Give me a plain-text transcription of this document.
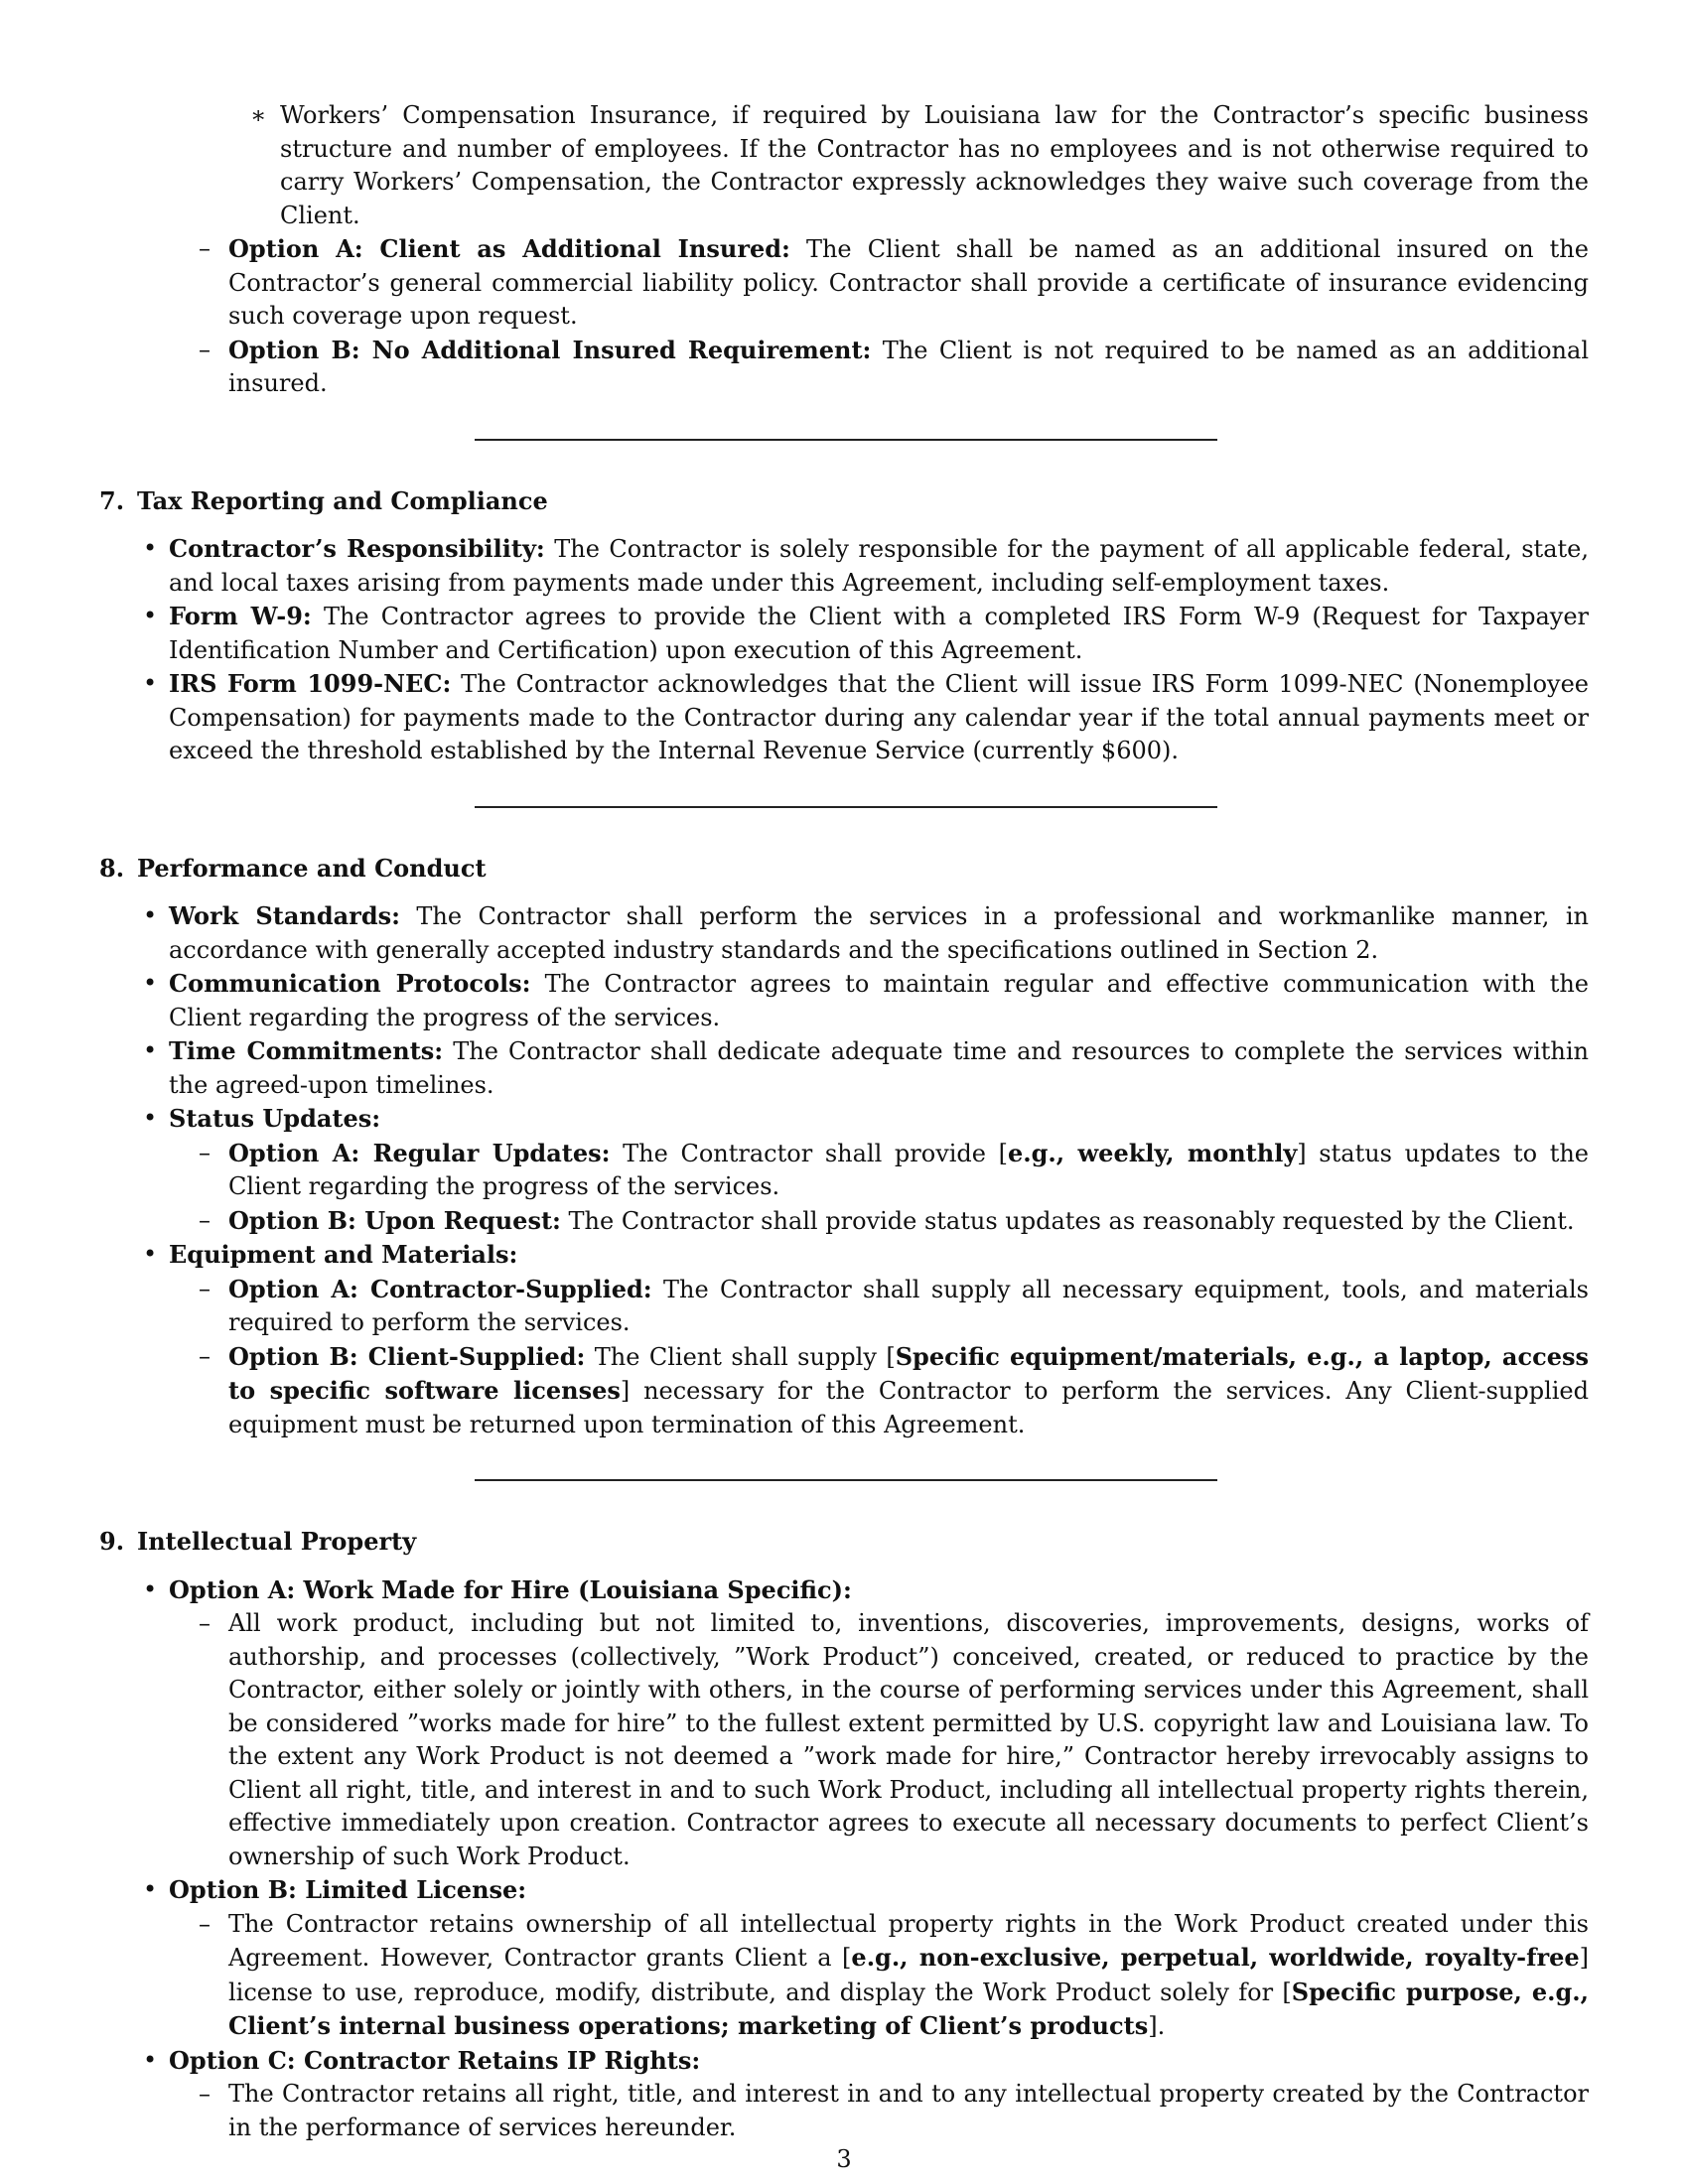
∗ Workers’ Compensation Insurance, if required by Louisiana law for the Contractor’s specific business structure and number of employees. If the Contractor has no employees and is not otherwise required to carry Workers’ Compensation, the Contractor expressly acknowledges they waive such coverage from the Client.
– Option A: Client as Additional Insured: The Client shall be named as an additional insured on the Contractor’s general commercial liability policy. Contractor shall provide a certificate of insurance evidencing such coverage upon request.
– Option B: No Additional Insured Requirement: The Client is not required to be named as an additional insured.

7. Tax Reporting and Compliance

• Contractor’s Responsibility: The Contractor is solely responsible for the payment of all applicable federal, state, and local taxes arising from payments made under this Agreement, including self-employment taxes.
• Form W-9: The Contractor agrees to provide the Client with a completed IRS Form W-9 (Request for Taxpayer Identification Number and Certification) upon execution of this Agreement.
• IRS Form 1099-NEC: The Contractor acknowledges that the Client will issue IRS Form 1099-NEC (Nonemployee Compensation) for payments made to the Contractor during any calendar year if the total annual payments meet or exceed the threshold established by the Internal Revenue Service (currently $600).

8. Performance and Conduct

• Work Standards: The Contractor shall perform the services in a professional and workmanlike manner, in accordance with generally accepted industry standards and the specifications outlined in Section 2.
• Communication Protocols: The Contractor agrees to maintain regular and effective communication with the Client regarding the progress of the services.
• Time Commitments: The Contractor shall dedicate adequate time and resources to complete the services within the agreed-upon timelines.
• Status Updates:
– Option A: Regular Updates: The Contractor shall provide [e.g., weekly, monthly] status updates to the Client regarding the progress of the services.
– Option B: Upon Request: The Contractor shall provide status updates as reasonably requested by the Client.
• Equipment and Materials:
– Option A: Contractor-Supplied: The Contractor shall supply all necessary equipment, tools, and materials required to perform the services.
– Option B: Client-Supplied: The Client shall supply [Specific equipment/materials, e.g., a laptop, access to specific software licenses] necessary for the Contractor to perform the services. Any Client-supplied equipment must be returned upon termination of this Agreement.

9. Intellectual Property

• Option A: Work Made for Hire (Louisiana Specific):
– All work product, including but not limited to, inventions, discoveries, improvements, designs, works of authorship, and processes (collectively, ”Work Product”) conceived, created, or reduced to practice by the Contractor, either solely or jointly with others, in the course of performing services under this Agreement, shall be considered ”works made for hire” to the fullest extent permitted by U.S. copyright law and Louisiana law. To the extent any Work Product is not deemed a ”work made for hire,” Contractor hereby irrevocably assigns to Client all right, title, and interest in and to such Work Product, including all intellectual property rights therein, effective immediately upon creation. Contractor agrees to execute all necessary documents to perfect Client’s ownership of such Work Product.
• Option B: Limited License:
– The Contractor retains ownership of all intellectual property rights in the Work Product created under this Agreement. However, Contractor grants Client a [e.g., non-exclusive, perpetual, worldwide, royalty-free] license to use, reproduce, modify, distribute, and display the Work Product solely for [Specific purpose, e.g., Client’s internal business operations; marketing of Client’s products].
• Option C: Contractor Retains IP Rights:
– The Contractor retains all right, title, and interest in and to any intellectual property created by the Contractor in the performance of services hereunder.
3
